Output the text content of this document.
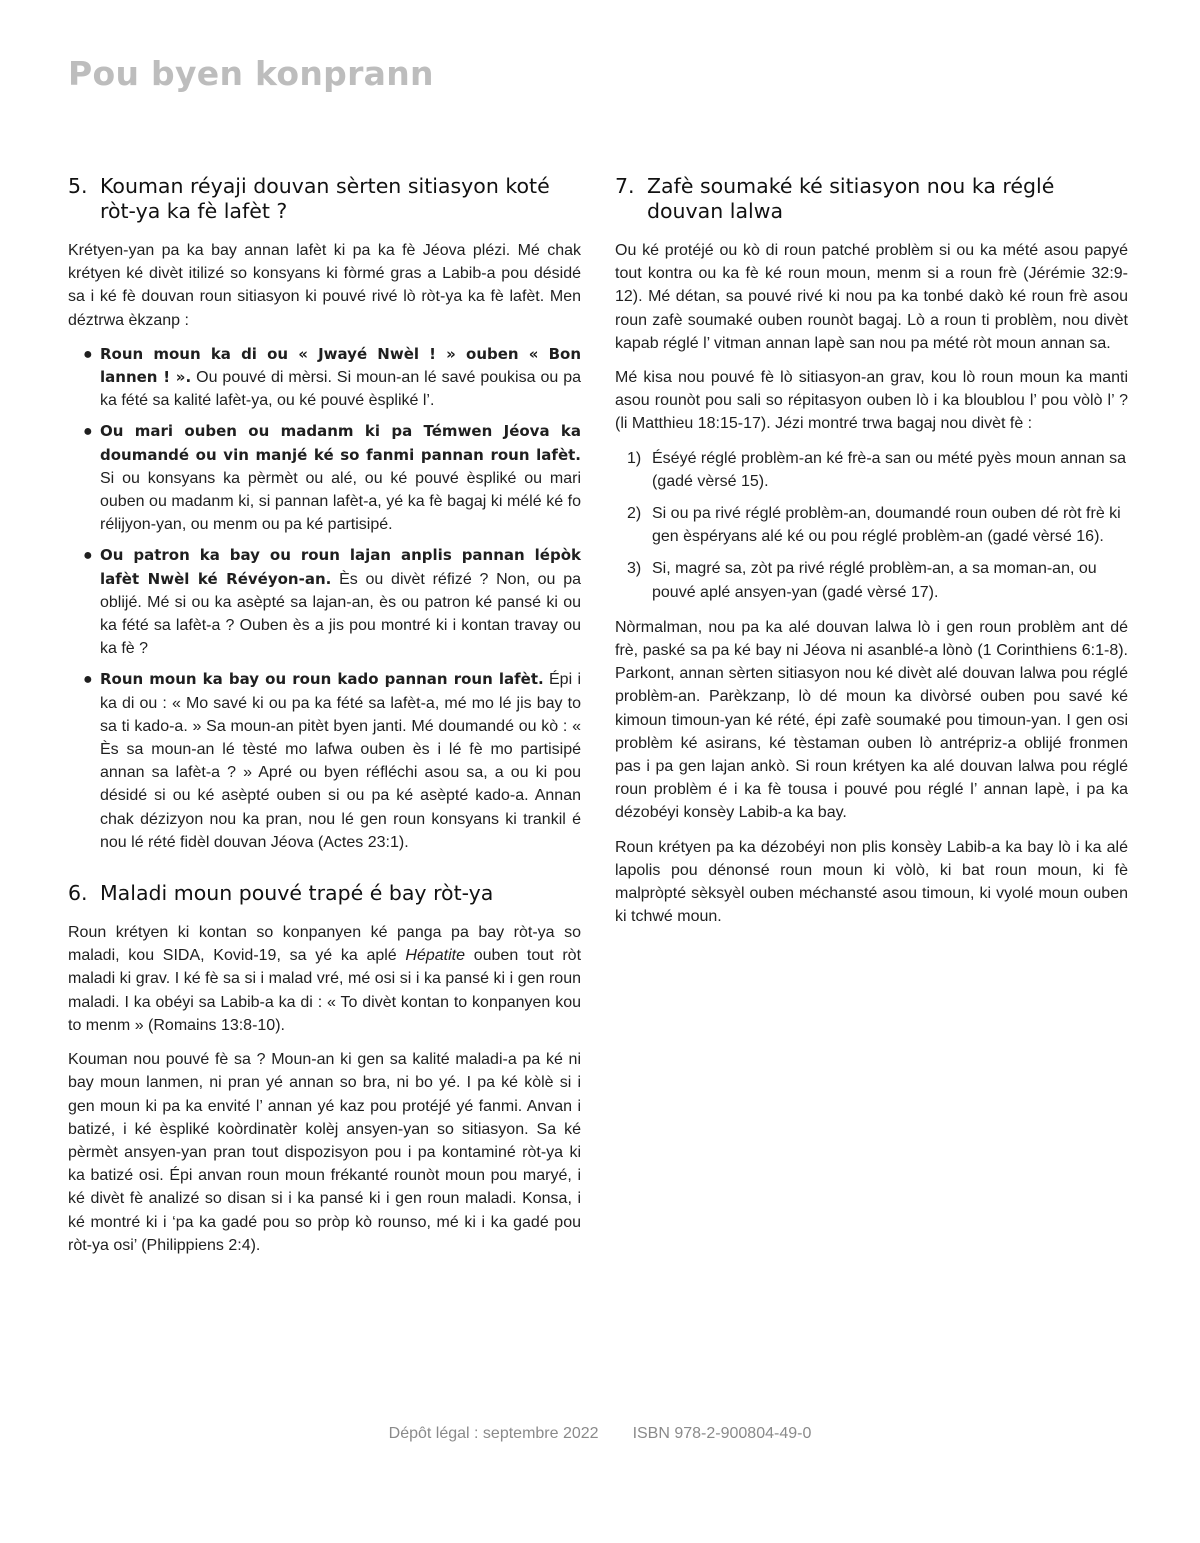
Pou byen konprann
5. Kouman réyaji douvan sèrten sitiasyon koté ròt-ya ka fè lafèt ?

Krétyen-yan pa ka bay annan lafèt ki pa ka fè Jéova plézi. Mé chak krétyen ké divèt itilizé so konsyans ki fòrmé gras a Labib-a pou désidé sa i ké fè douvan roun sitiasyon ki pouvé rivé lò ròt-ya ka fè lafèt. Men déztrwa èkzanp :

● Roun moun ka di ou « Jwayé Nwèl ! » ouben « Bon lannen ! ». Ou pouvé di mèrsi. Si moun-an lé savé poukisa ou pa ka fété sa kalité lafèt-ya, ou ké pouvé èspliké l’.
● Ou mari ouben ou madanm ki pa Témwen Jéova ka doumandé ou vin manjé ké so fanmi pannan roun lafèt. Si ou konsyans ka pèrmèt ou alé, ou ké pouvé èspliké ou mari ouben ou madanm ki, si pannan lafèt-a, yé ka fè bagaj ki mélé ké fo rélijyon-yan, ou menm ou pa ké partisipé.
● Ou patron ka bay ou roun lajan anplis pannan lépòk lafèt Nwèl ké Révéyon-an. Ès ou divèt réfizé ? Non, ou pa oblijé. Mé si ou ka asèpté sa lajan-an, ès ou patron ké pansé ki ou ka fété sa lafèt-a ? Ouben ès a jis pou montré ki i kontan travay ou ka fè ?
● Roun moun ka bay ou roun kado pannan roun lafèt. Épi i ka di ou : « Mo savé ki ou pa ka fété sa lafèt-a, mé mo lé jis bay to sa ti kado-a. » Sa moun-an pitèt byen janti. Mé doumandé ou kò : « Ès sa moun-an lé tèsté mo lafwa ouben ès i lé fè mo partisipé annan sa lafèt-a ? » Apré ou byen réfléchi asou sa, a ou ki pou désidé si ou ké asèpté ouben si ou pa ké asèpté kado-a. Annan chak dézizyon nou ka pran, nou lé gen roun konsyans ki trankil é nou lé rété fidèl douvan Jéova (Actes 23:1).
6. Maladi moun pouvé trapé é bay ròt-ya

Roun krétyen ki kontan so konpanyen ké panga pa bay ròt-ya so maladi, kou SIDA, Kovid-19, sa yé ka aplé Hépatite ouben tout ròt maladi ki grav. I ké fè sa si i malad vré, mé osi si i ka pansé ki i gen roun maladi. I ka obéyi sa Labib-a ka di : « To divèt kontan to konpanyen kou to menm » (Romains 13:8-10).

Kouman nou pouvé fè sa ? Moun-an ki gen sa kalité maladi-a pa ké ni bay moun lanmen, ni pran yé annan so bra, ni bo yé. I pa ké kòlè si i gen moun ki pa ka envité l’ annan yé kaz pou protéjé yé fanmi. Anvan i batizé, i ké èspliké koòrdinatèr kolèj ansyen-yan so sitiasyon. Sa ké pèrmèt ansyen-yan pran tout dispozisyon pou i pa kontaminé ròt-ya ki ka batizé osi. Épi anvan roun moun frékanté rounòt moun pou maryé, i ké divèt fè analizé so disan si i ka pansé ki i gen roun maladi. Konsa, i ké montré ki i ‘pa ka gadé pou so pròp kò rounso, mé ki i ka gadé pou ròt-ya osi’ (Philippiens 2:4).

7. Zafè soumaké ké sitiasyon nou ka réglé douvan lalwa

Ou ké protéjé ou kò di roun patché problèm si ou ka mété asou papyé tout kontra ou ka fè ké roun moun, menm si a roun frè (Jérémie 32:9-12). Mé détan, sa pouvé rivé ki nou pa ka tonbé dakò ké roun frè asou roun zafè soumaké ouben rounòt bagaj. Lò a roun ti problèm, nou divèt kapab réglé l’ vitman annan lapè san nou pa mété ròt moun annan sa.

Mé kisa nou pouvé fè lò sitiasyon-an grav, kou lò roun moun ka manti asou rounòt pou sali so répitasyon ouben lò i ka bloublou l’ pou vòlò l’ ? (li Matthieu 18:15-17). Jézi montré trwa bagaj nou divèt fè :

1) Éséyé réglé problèm-an ké frè-a san ou mété pyès moun annan sa (gadé vèrsé 15).
2) Si ou pa rivé réglé problèm-an, doumandé roun ouben dé ròt frè ki gen èspéryans alé ké ou pou réglé problèm-an (gadé vèrsé 16).
3) Si, magré sa, zòt pa rivé réglé problèm-an, a sa moman-an, ou pouvé aplé ansyen-yan (gadé vèrsé 17).

Nòrmalman, nou pa ka alé douvan lalwa lò i gen roun problèm ant dé frè, paské sa pa ké bay ni Jéova ni asanblé-a lònò (1 Corinthiens 6:1-8). Parkont, annan sèrten sitiasyon nou ké divèt alé douvan lalwa pou réglé problèm-an. Parèkzanp, lò dé moun ka divòrsé ouben pou savé ké kimoun timoun-yan ké rété, épi zafè soumaké pou timoun-yan. I gen osi problèm ké asirans, ké tèstaman ouben lò antrépriz-a oblijé fronmen pas i pa gen lajan ankò. Si roun krétyen ka alé douvan lalwa pou réglé roun problèm é i ka fè tousa i pouvé pou réglé l’ annan lapè, i pa ka dézobéyi konsèy Labib-a ka bay.

Roun krétyen pa ka dézobéyi non plis konsèy Labib-a ka bay lò i ka alé lapolis pou dénonsé roun moun ki vòlò, ki bat roun moun, ki fè malpròpté sèksyèl ouben méchansté asou timoun, ki vyolé moun ouben ki tchwé moun.

Dépôt légal : septembre 2022 ISBN 978-2-900804-49-0
